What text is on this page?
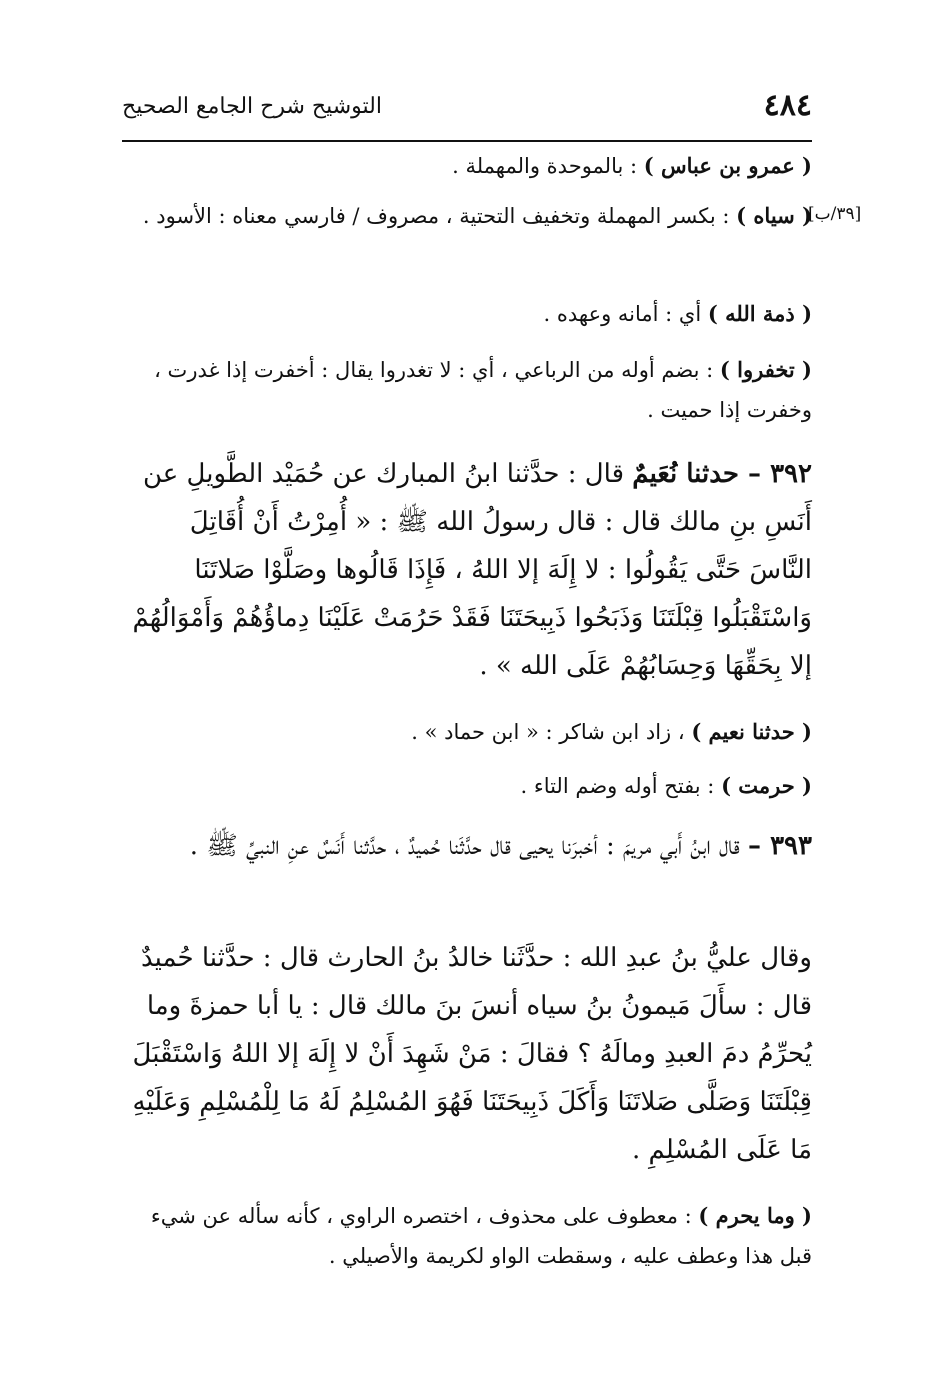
٤٨٤
التوشيح شرح الجامع الصحيح
[٣٩/ب]
( عمرو بن عباس ) : بالموحدة والمهملة .
( سياه ) : بكسر المهملة وتخفيف التحتية ، مصروف / فارسي معناه : الأسود .
( ذمة الله ) أي : أمانه وعهده .
( تخفروا ) : بضم أوله من الرباعي ، أي : لا تغدروا يقال : أخفرت إذا غدرت ، وخفرت إذا حميت .
٣٩٢ – حدثنا نُعَيمٌ قال : حدَّثنا ابنُ المبارك عن حُمَيْد الطَّويلِ عن أَنَسِ بنِ مالك قال : قال رسولُ الله ﷺ : « أُمِرْتُ أَنْ أُقَاتِلَ النَّاسَ حَتَّى يَقُولُوا : لا إِلَهَ إلا اللهُ ، فَإِذَا قَالُوها وصَلَّوْا صَلاتَنَا وَاسْتَقْبَلُوا قِبْلَتَنَا وَذَبَحُوا ذَبِيحَتَنَا فَقَدْ حَرُمَتْ عَلَيْنَا دِماؤُهُمْ وَأَمْوَالُهُمْ إلا بِحَقِّهَا وَحِسَابُهُمْ عَلَى الله » .
( حدثنا نعيم ) ، زاد ابن شاكر : « ابن حماد » .
( حرمت ) : بفتح أوله وضم التاء .
٣٩٣ – قال ابنُ أَبي مريمَ : أخبرَنا يحيى قال حدَّثَنا حُميدٌ ، حدَّثنا أَنَسٌ عنِ النبيِّ ﷺ .
وقال عليُّ بنُ عبدِ الله : حدَّثَنا خالدُ بنُ الحارث قال : حدَّثنا حُميدٌ قال : سأَلَ مَيمونُ بنُ سياه أنسَ بنَ مالك قال : يا أبا حمزةَ وما يُحرِّمُ دمَ العبدِ ومالَهُ ؟ فقالَ : مَنْ شَهِدَ أَنْ لا إِلَهَ إلا اللهُ وَاسْتَقْبَلَ قِبْلَتَنَا وَصَلَّى صَلاتَنَا وَأَكَلَ ذَبِيحَتَنَا فَهُوَ المُسْلِمُ لَهُ مَا لِلْمُسْلِمِ وَعَلَيْهِ مَا عَلَى المُسْلِمِ .
( وما يحرم ) : معطوف على محذوف ، اختصره الراوي ، كأنه سأله عن شيء قبل هذا وعطف عليه ، وسقطت الواو لكريمة والأصيلي .
